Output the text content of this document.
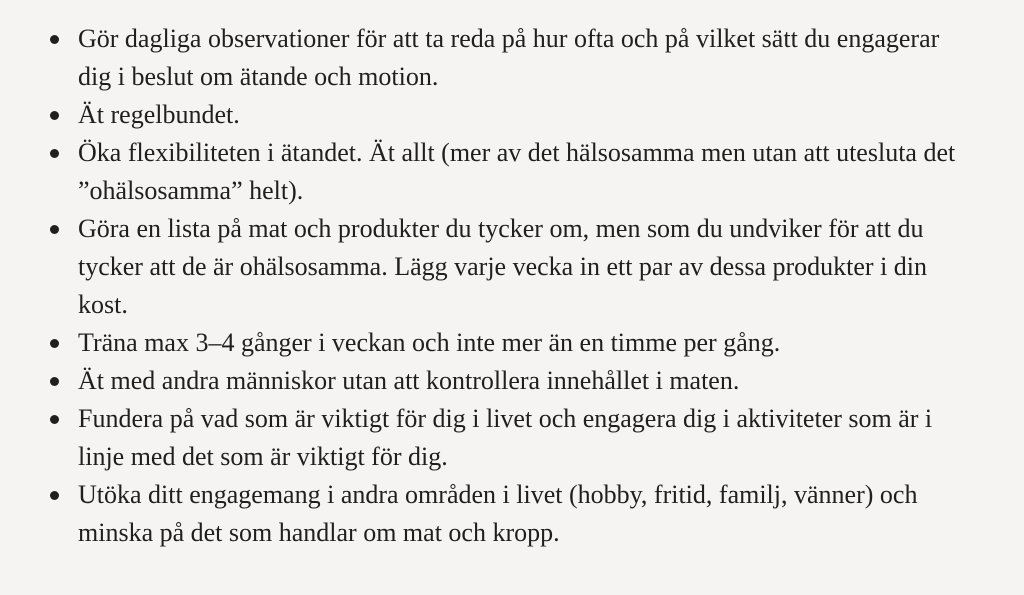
Gör dagliga observationer för att ta reda på hur ofta och på vilket sätt du engagerar dig i beslut om ätande och motion.
Ät regelbundet.
Öka flexibiliteten i ätandet. Ät allt (mer av det hälsosamma men utan att utesluta det ”ohälsosamma” helt).
Göra en lista på mat och produkter du tycker om, men som du undviker för att du tycker att de är ohälsosamma. Lägg varje vecka in ett par av dessa produkter i din kost.
Träna max 3–4 gånger i veckan och inte mer än en timme per gång.
Ät med andra människor utan att kontrollera innehållet i maten.
Fundera på vad som är viktigt för dig i livet och engagera dig i aktiviteter som är i linje med det som är viktigt för dig.
Utöka ditt engagemang i andra områden i livet (hobby, fritid, familj, vänner) och minska på det som handlar om mat och kropp.
